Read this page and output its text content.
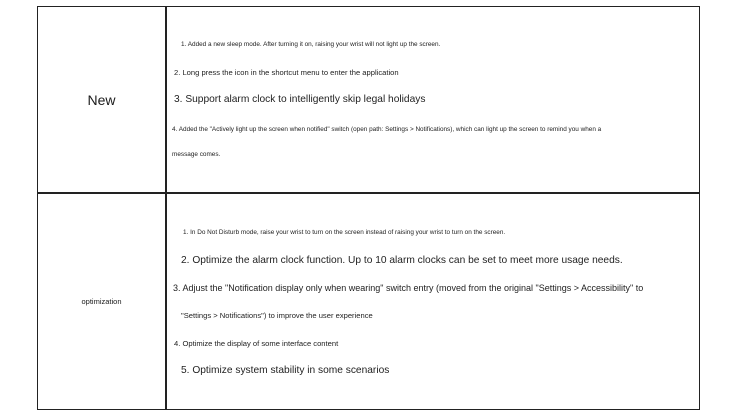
New
1. Added a new sleep mode. After turning it on, raising your wrist will not light up the screen.
2. Long press the icon in the shortcut menu to enter the application
3. Support alarm clock to intelligently skip legal holidays
4. Added the "Actively light up the screen when notified" switch (open path: Settings > Notifications), which can light up the screen to remind you when a
message comes.
optimization
1. In Do Not Disturb mode, raise your wrist to turn on the screen instead of raising your wrist to turn on the screen.
2. Optimize the alarm clock function. Up to 10 alarm clocks can be set to meet more usage needs.
3. Adjust the "Notification display only when wearing" switch entry (moved from the original "Settings > Accessibility" to
"Settings > Notifications") to improve the user experience
4. Optimize the display of some interface content
5. Optimize system stability in some scenarios
